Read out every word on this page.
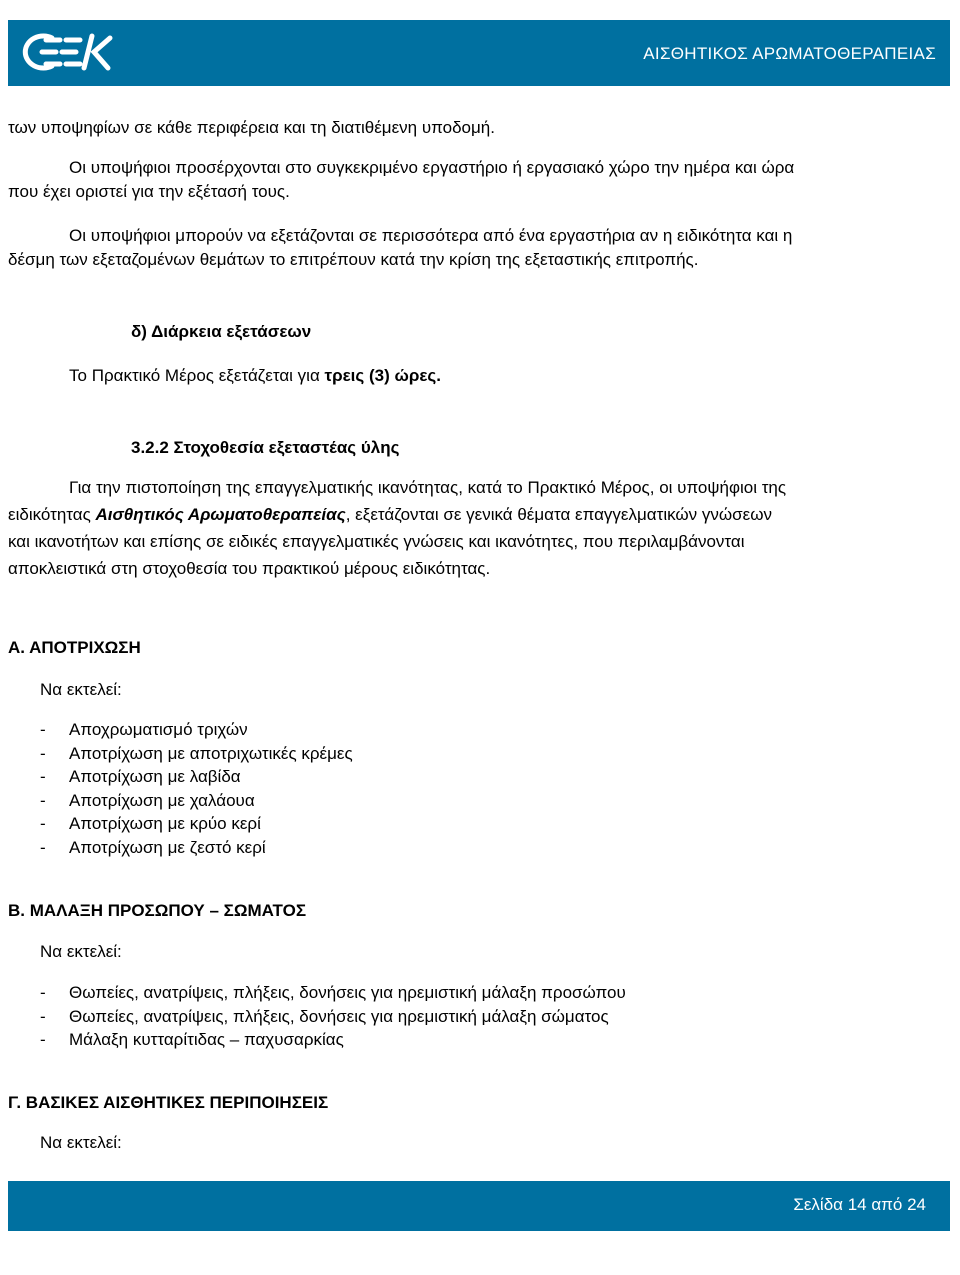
ΑΙΣΘΗΤΙΚΟΣ ΑΡΩΜΑΤΟΘΕΡΑΠΕΙΑΣ
των υποψηφίων σε κάθε περιφέρεια και τη διατιθέμενη υποδομή.
Οι υποψήφιοι προσέρχονται στο συγκεκριμένο εργαστήριο ή εργασιακό χώρο την ημέρα και ώρα
που έχει οριστεί για την εξέτασή τους.
Οι υποψήφιοι μπορούν να εξετάζονται σε περισσότερα από ένα εργαστήρια αν η ειδικότητα και η
δέσμη των εξεταζομένων θεμάτων το επιτρέπουν κατά την κρίση της εξεταστικής επιτροπής.
δ) Διάρκεια εξετάσεων
Το Πρακτικό Μέρος εξετάζεται για τρεις (3) ώρες.
3.2.2 Στοχοθεσία εξεταστέας ύλης
Για την πιστοποίηση της επαγγελματικής ικανότητας, κατά το Πρακτικό Μέρος, οι υποψήφιοι της
ειδικότητας Αισθητικός Αρωματοθεραπείας, εξετάζονται σε γενικά θέματα επαγγελματικών γνώσεων
και ικανοτήτων και επίσης σε ειδικές επαγγελματικές γνώσεις και ικανότητες, που περιλαμβάνονται
αποκλειστικά στη στοχοθεσία του πρακτικού μέρους ειδικότητας.
Α. ΑΠΟΤΡΙΧΩΣΗ
Να εκτελεί:
- Αποχρωματισμό τριχών
- Αποτρίχωση με αποτριχωτικές κρέμες
- Αποτρίχωση με λαβίδα
- Αποτρίχωση με χαλάουα
- Αποτρίχωση με κρύο κερί
- Αποτρίχωση με ζεστό κερί
Β. ΜΑΛΑΞΗ ΠΡΟΣΩΠΟΥ – ΣΩΜΑΤΟΣ
Να εκτελεί:
- Θωπείες, ανατρίψεις, πλήξεις, δονήσεις για ηρεμιστική μάλαξη προσώπου
- Θωπείες, ανατρίψεις, πλήξεις, δονήσεις για ηρεμιστική μάλαξη σώματος
- Μάλαξη κυτταρίτιδας – παχυσαρκίας
Γ. ΒΑΣΙΚΕΣ ΑΙΣΘΗΤΙΚΕΣ ΠΕΡΙΠΟΙΗΣΕΙΣ
Να εκτελεί:
Σελίδα 14 από 24
